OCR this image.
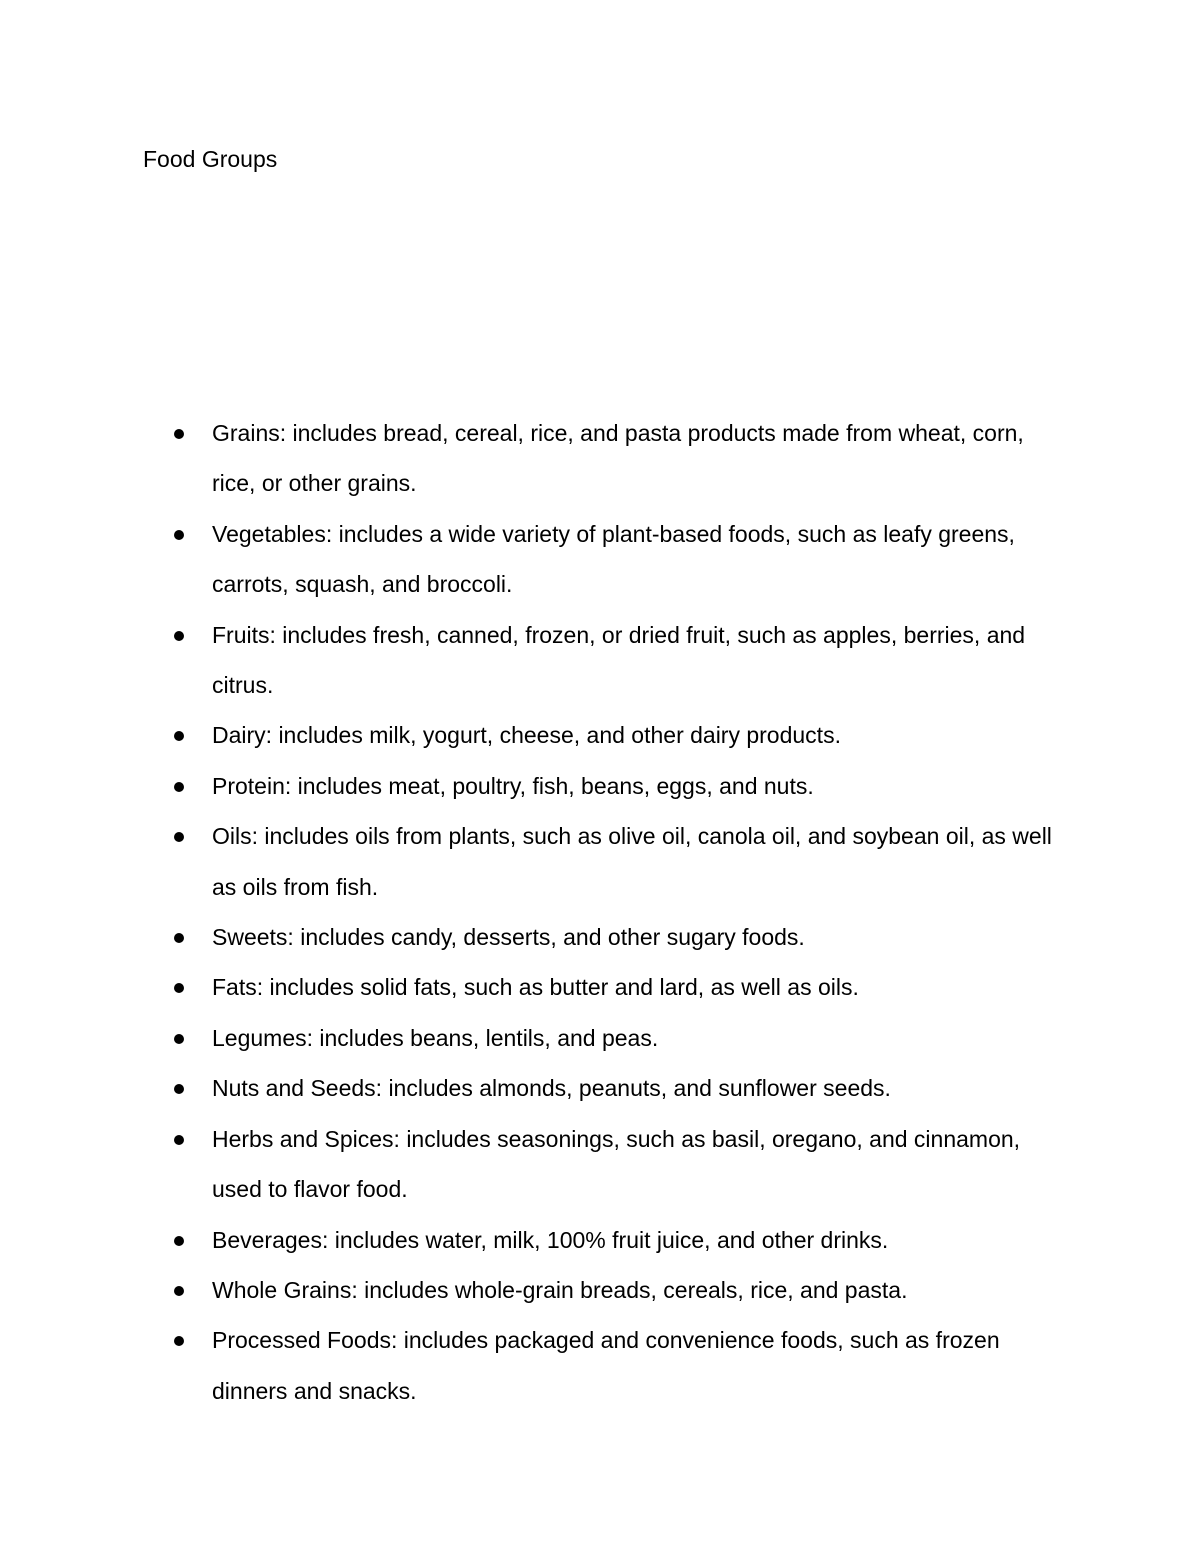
Food Groups
Grains: includes bread, cereal, rice, and pasta products made from wheat, corn, rice, or other grains.
Vegetables: includes a wide variety of plant-based foods, such as leafy greens, carrots, squash, and broccoli.
Fruits: includes fresh, canned, frozen, or dried fruit, such as apples, berries, and citrus.
Dairy: includes milk, yogurt, cheese, and other dairy products.
Protein: includes meat, poultry, fish, beans, eggs, and nuts.
Oils: includes oils from plants, such as olive oil, canola oil, and soybean oil, as well as oils from fish.
Sweets: includes candy, desserts, and other sugary foods.
Fats: includes solid fats, such as butter and lard, as well as oils.
Legumes: includes beans, lentils, and peas.
Nuts and Seeds: includes almonds, peanuts, and sunflower seeds.
Herbs and Spices: includes seasonings, such as basil, oregano, and cinnamon, used to flavor food.
Beverages: includes water, milk, 100% fruit juice, and other drinks.
Whole Grains: includes whole-grain breads, cereals, rice, and pasta.
Processed Foods: includes packaged and convenience foods, such as frozen dinners and snacks.
